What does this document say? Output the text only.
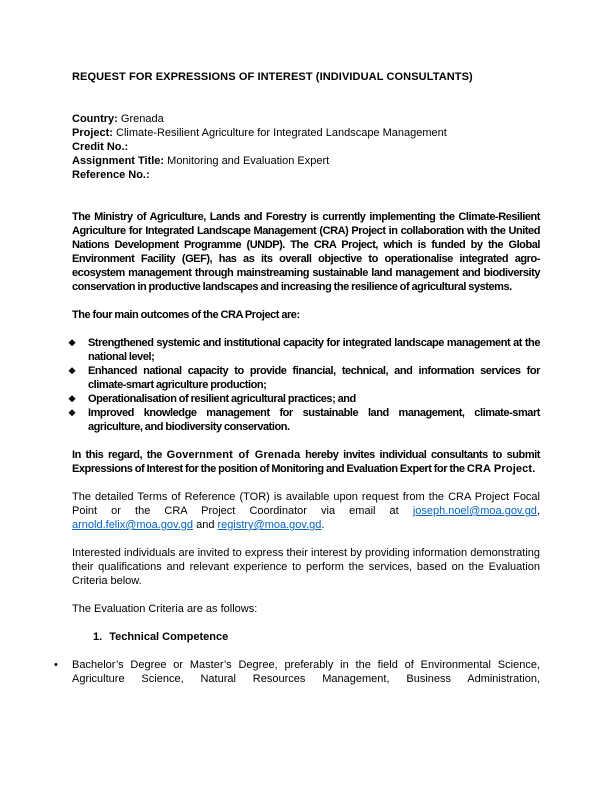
REQUEST FOR EXPRESSIONS OF INTEREST (INDIVIDUAL CONSULTANTS)
Country: Grenada
Project: Climate-Resilient Agriculture for Integrated Landscape Management
Credit No.:
Assignment Title: Monitoring and Evaluation Expert
Reference No.:

The Ministry of Agriculture, Lands and Forestry is currently implementing the Climate-Resilient Agriculture for Integrated Landscape Management (CRA) Project in collaboration with the United Nations Development Programme (UNDP). The CRA Project, which is funded by the Global Environment Facility (GEF), has as its overall objective to operationalise integrated agro-ecosystem management through mainstreaming sustainable land management and biodiversity conservation in productive landscapes and increasing the resilience of agricultural systems.

The four main outcomes of the CRA Project are:

❖ Strengthened systemic and institutional capacity for integrated landscape management at the national level;
❖ Enhanced national capacity to provide financial, technical, and information services for climate-smart agriculture production;
❖ Operationalisation of resilient agricultural practices; and
❖ Improved knowledge management for sustainable land management, climate-smart agriculture, and biodiversity conservation.

In this regard, the Government of Grenada hereby invites individual consultants to submit Expressions of Interest for the position of Monitoring and Evaluation Expert for the CRA Project.

The detailed Terms of Reference (TOR) is available upon request from the CRA Project Focal Point or the CRA Project Coordinator via email at joseph.noel@moa.gov.gd, arnold.felix@moa.gov.gd and registry@moa.gov.gd.

Interested individuals are invited to express their interest by providing information demonstrating their qualifications and relevant experience to perform the services, based on the Evaluation Criteria below.

The Evaluation Criteria are as follows:

1. Technical Competence
• Bachelor’s Degree or Master’s Degree, preferably in the field of Environmental Science, Agriculture Science, Natural Resources Management, Business Administration,
